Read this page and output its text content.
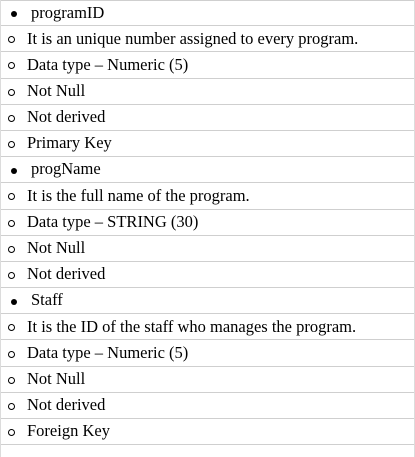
programID
It is an unique number assigned to every program.
Data type – Numeric (5)
Not Null
Not derived
Primary Key
progName
It is the full name of the program.
Data type – STRING (30)
Not Null
Not derived
Staff
It is the ID of the staff who manages the program.
Data type – Numeric (5)
Not Null
Not derived
Foreign Key
